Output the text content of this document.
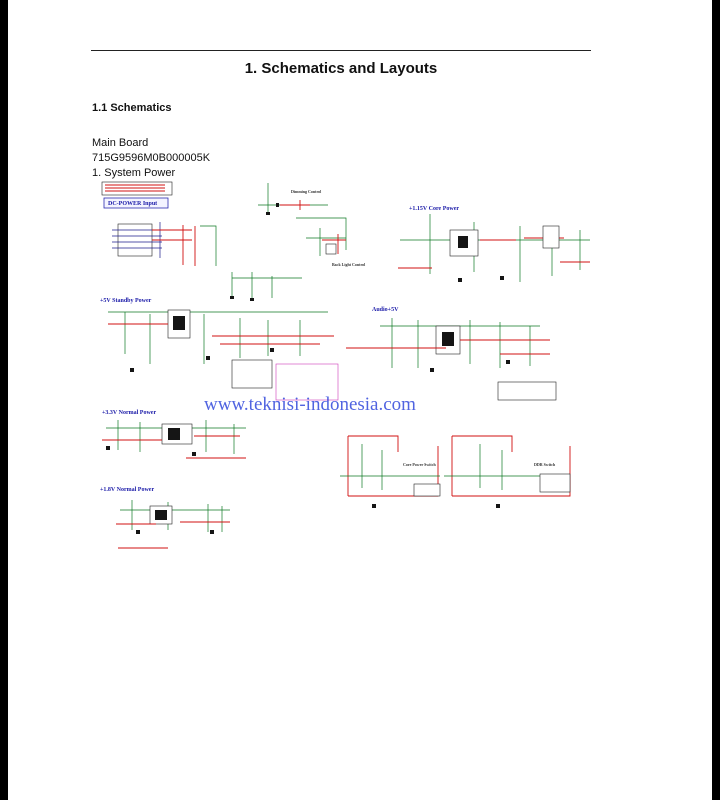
1. Schematics and Layouts
1.1 Schematics
Main Board
715G9596M0B000005K
1. System Power
DC-POWER Input
Dimming Control
Back Light Control
+1.15V Core Power
+5V Standby Power
Audio+5V
+3.3V Normal Power
+1.8V Normal Power
Core Power Switch	DDR Switch
www.teknisi-indonesia.com
